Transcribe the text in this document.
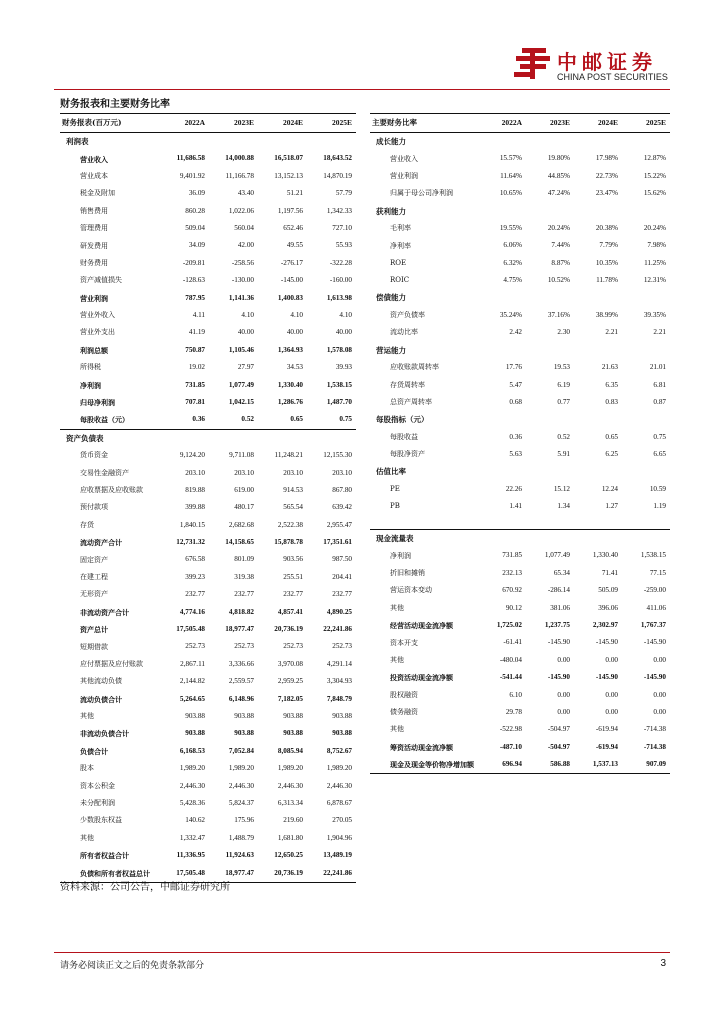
中邮证券
CHINA POST SECURITIES
财务报表和主要财务比率
财务报表(百万元)	2022A	2023E	2024E	2025E
利润表				
营业收入	11,686.58	14,000.88	16,518.07	18,643.52
营业成本	9,401.92	11,166.78	13,152.13	14,870.19
税金及附加	36.09	43.40	51.21	57.79
销售费用	860.28	1,022.06	1,197.56	1,342.33
管理费用	509.04	560.04	652.46	727.10
研发费用	34.09	42.00	49.55	55.93
财务费用	-209.81	-258.56	-276.17	-322.28
资产减值损失	-128.63	-130.00	-145.00	-160.00
营业利润	787.95	1,141.36	1,400.83	1,613.98
营业外收入	4.11	4.10	4.10	4.10
营业外支出	41.19	40.00	40.00	40.00
利润总额	750.87	1,105.46	1,364.93	1,578.08
所得税	19.02	27.97	34.53	39.93
净利润	731.85	1,077.49	1,330.40	1,538.15
归母净利润	707.81	1,042.15	1,286.76	1,487.70
每股收益（元）	0.36	0.52	0.65	0.75
资产负债表				
货币资金	9,124.20	9,711.08	11,248.21	12,155.30
交易性金融资产	203.10	203.10	203.10	203.10
应收票据及应收账款	819.88	619.00	914.53	867.80
预付款项	399.88	480.17	565.54	639.42
存货	1,840.15	2,682.68	2,522.38	2,955.47
流动资产合计	12,731.32	14,158.65	15,878.78	17,351.61
固定资产	676.58	801.09	903.56	987.50
在建工程	399.23	319.38	255.51	204.41
无形资产	232.77	232.77	232.77	232.77
非流动资产合计	4,774.16	4,818.82	4,857.41	4,890.25
资产总计	17,505.48	18,977.47	20,736.19	22,241.86
短期借款	252.73	252.73	252.73	252.73
应付票据及应付账款	2,867.11	3,336.66	3,970.08	4,291.14
其他流动负债	2,144.82	2,559.57	2,959.25	3,304.93
流动负债合计	5,264.65	6,148.96	7,182.05	7,848.79
其他	903.88	903.88	903.88	903.88
非流动负债合计	903.88	903.88	903.88	903.88
负债合计	6,168.53	7,052.84	8,085.94	8,752.67
股本	1,989.20	1,989.20	1,989.20	1,989.20
资本公积金	2,446.30	2,446.30	2,446.30	2,446.30
未分配利润	5,428.36	5,824.37	6,313.34	6,878.67
少数股东权益	140.62	175.96	219.60	270.05
其他	1,332.47	1,488.79	1,681.80	1,904.96
所有者权益合计	11,336.95	11,924.63	12,650.25	13,489.19
负债和所有者权益总计	17,505.48	18,977.47	20,736.19	22,241.86
主要财务比率	2022A	2023E	2024E	2025E
成长能力				
营业收入	15.57%	19.80%	17.98%	12.87%
营业利润	11.64%	44.85%	22.73%	15.22%
归属于母公司净利润	10.65%	47.24%	23.47%	15.62%
获利能力				
毛利率	19.55%	20.24%	20.38%	20.24%
净利率	6.06%	7.44%	7.79%	7.98%
ROE	6.32%	8.87%	10.35%	11.25%
ROIC	4.75%	10.52%	11.78%	12.31%
偿债能力				
资产负债率	35.24%	37.16%	38.99%	39.35%
流动比率	2.42	2.30	2.21	2.21
营运能力				
应收账款周转率	17.76	19.53	21.63	21.01
存货周转率	5.47	6.19	6.35	6.81
总资产周转率	0.68	0.77	0.83	0.87
每股指标（元）				
每股收益	0.36	0.52	0.65	0.75
每股净资产	5.63	5.91	6.25	6.65
估值比率				
PE	22.26	15.12	12.24	10.59
PB	1.41	1.34	1.27	1.19
现金流量表				
净利润	731.85	1,077.49	1,330.40	1,538.15
折旧和摊销	232.13	65.34	71.41	77.15
营运资本变动	670.92	-286.14	505.09	-259.00
其他	90.12	381.06	396.06	411.06
经营活动现金流净额	1,725.02	1,237.75	2,302.97	1,767.37
资本开支	-61.41	-145.90	-145.90	-145.90
其他	-480.04	0.00	0.00	0.00
投资活动现金流净额	-541.44	-145.90	-145.90	-145.90
股权融资	6.10	0.00	0.00	0.00
债务融资	29.78	0.00	0.00	0.00
其他	-522.98	-504.97	-619.94	-714.38
筹资活动现金流净额	-487.10	-504.97	-619.94	-714.38
现金及现金等价物净增加额	696.94	586.88	1,537.13	907.09
资料来源：公司公告，中邮证券研究所
请务必阅读正文之后的免责条款部分	3
